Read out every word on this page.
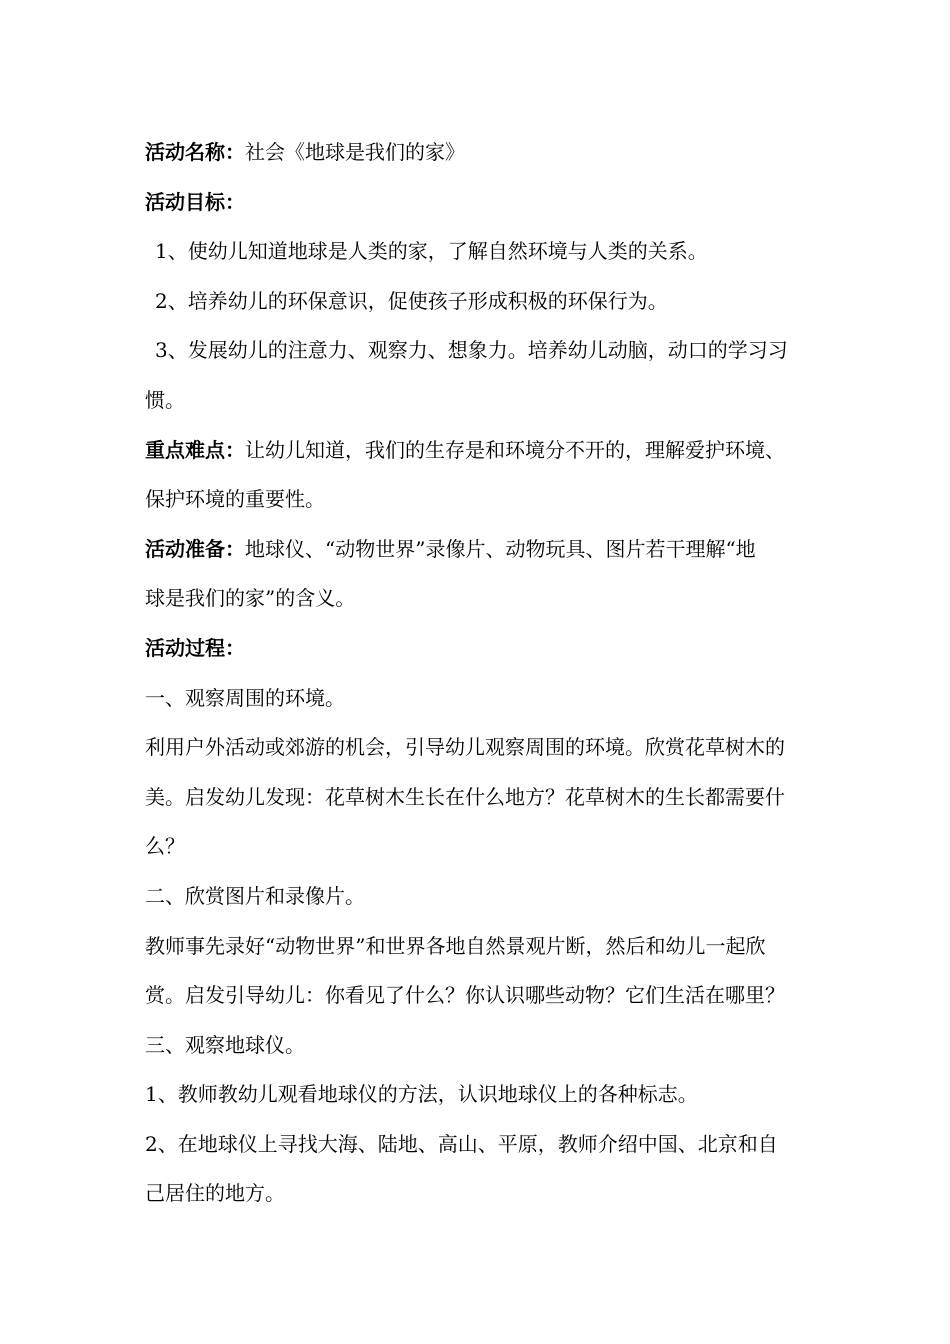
活动名称：社会《地球是我们的家》
活动目标：
1、使幼儿知道地球是人类的家，了解自然环境与人类的关系。
2、培养幼儿的环保意识，促使孩子形成积极的环保行为。
3、发展幼儿的注意力、观察力、想象力。培养幼儿动脑，动口的学习习
惯。
重点难点：让幼儿知道，我们的生存是和环境分不开的，理解爱护环境、
保护环境的重要性。
活动准备：地球仪、“动物世界”录像片、动物玩具、图片若干理解“地
球是我们的家”的含义。
活动过程：
一、观察周围的环境。
利用户外活动或郊游的机会，引导幼儿观察周围的环境。欣赏花草树木的
美。启发幼儿发现：花草树木生长在什么地方？花草树木的生长都需要什
么？
二、欣赏图片和录像片。
教师事先录好“动物世界”和世界各地自然景观片断，然后和幼儿一起欣
赏。启发引导幼儿：你看见了什么？你认识哪些动物？它们生活在哪里？
三、观察地球仪。
1、教师教幼儿观看地球仪的方法，认识地球仪上的各种标志。
2、在地球仪上寻找大海、陆地、高山、平原，教师介绍中国、北京和自
己居住的地方。
